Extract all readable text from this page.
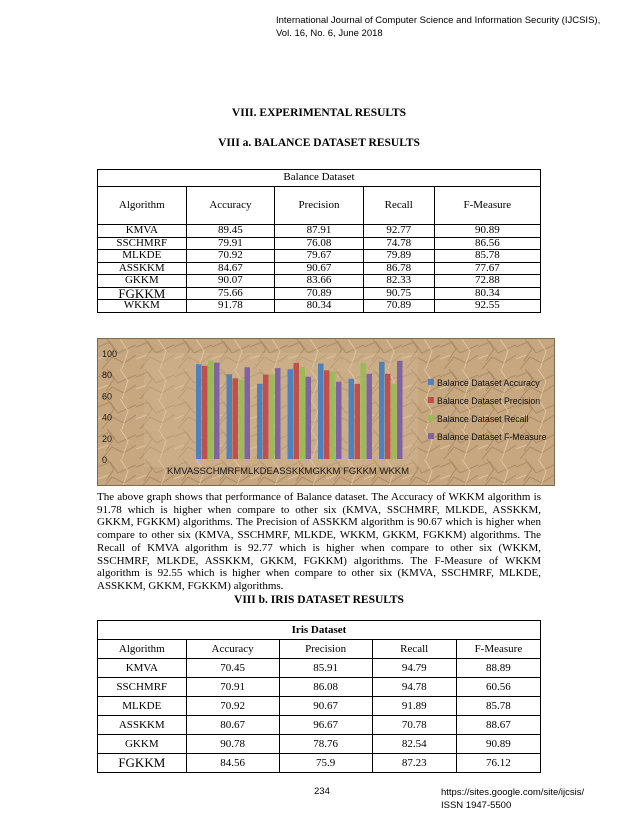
International Journal of Computer Science and Information Security (IJCSIS),
Vol. 16, No. 6, June 2018
VIII. EXPERIMENTAL RESULTS
VIII a. BALANCE DATASET RESULTS
Balance Dataset				
Algorithm	Accuracy	Precision	Recall	F-Measure
KMVA	89.45	87.91	92.77	90.89
SSCHMRF	79.91	76.08	74.78	86.56
MLKDE	70.92	79.67	79.89	85.78
ASSKKM	84.67	90.67	86.78	77.67
GKKM	90.07	83.66	82.33	72.88
FGKKM	75.66	70.89	90.75	80.34
WKKM	91.78	80.34	70.89	92.55
0
20
40
60
80
100
KMVASSCHMRFMLKDEASSKKMGKKM FGKKM WKKM
Balance Dataset Accuracy
Balance Dataset Precision
Balance Dataset Recall
Balance Dataset F-Measure
The above graph shows that performance of Balance dataset. The Accuracy of WKKM algorithm is 91.78 which is higher when compare to other six (KMVA, SSCHMRF, MLKDE, ASSKKM, GKKM, FGKKM) algorithms. The Precision of ASSKKM algorithm is 90.67 which is higher when compare to other six (KMVA, SSCHMRF, MLKDE, WKKM, GKKM, FGKKM) algorithms. The Recall of KMVA algorithm is 92.77 which is higher when compare to other six (WKKM, SSCHMRF, MLKDE, ASSKKM, GKKM, FGKKM) algorithms. The F-Measure of WKKM algorithm is 92.55 which is higher when compare to other six (KMVA, SSCHMRF, MLKDE, ASSKKM, GKKM, FGKKM) algorithms.
VIII b. IRIS DATASET RESULTS
Iris Dataset				
Algorithm	Accuracy	Precision	Recall	F-Measure
KMVA	70.45	85.91	94.79	88.89
SSCHMRF	70.91	86.08	94.78	60.56
MLKDE	70.92	90.67	91.89	85.78
ASSKKM	80.67	96.67	70.78	88.67
GKKM	90.78	78.76	82.54	90.89
FGKKM	84.56	75.9	87.23	76.12
234	https://sites.google.com/site/ijcsis/
ISSN 1947-5500
